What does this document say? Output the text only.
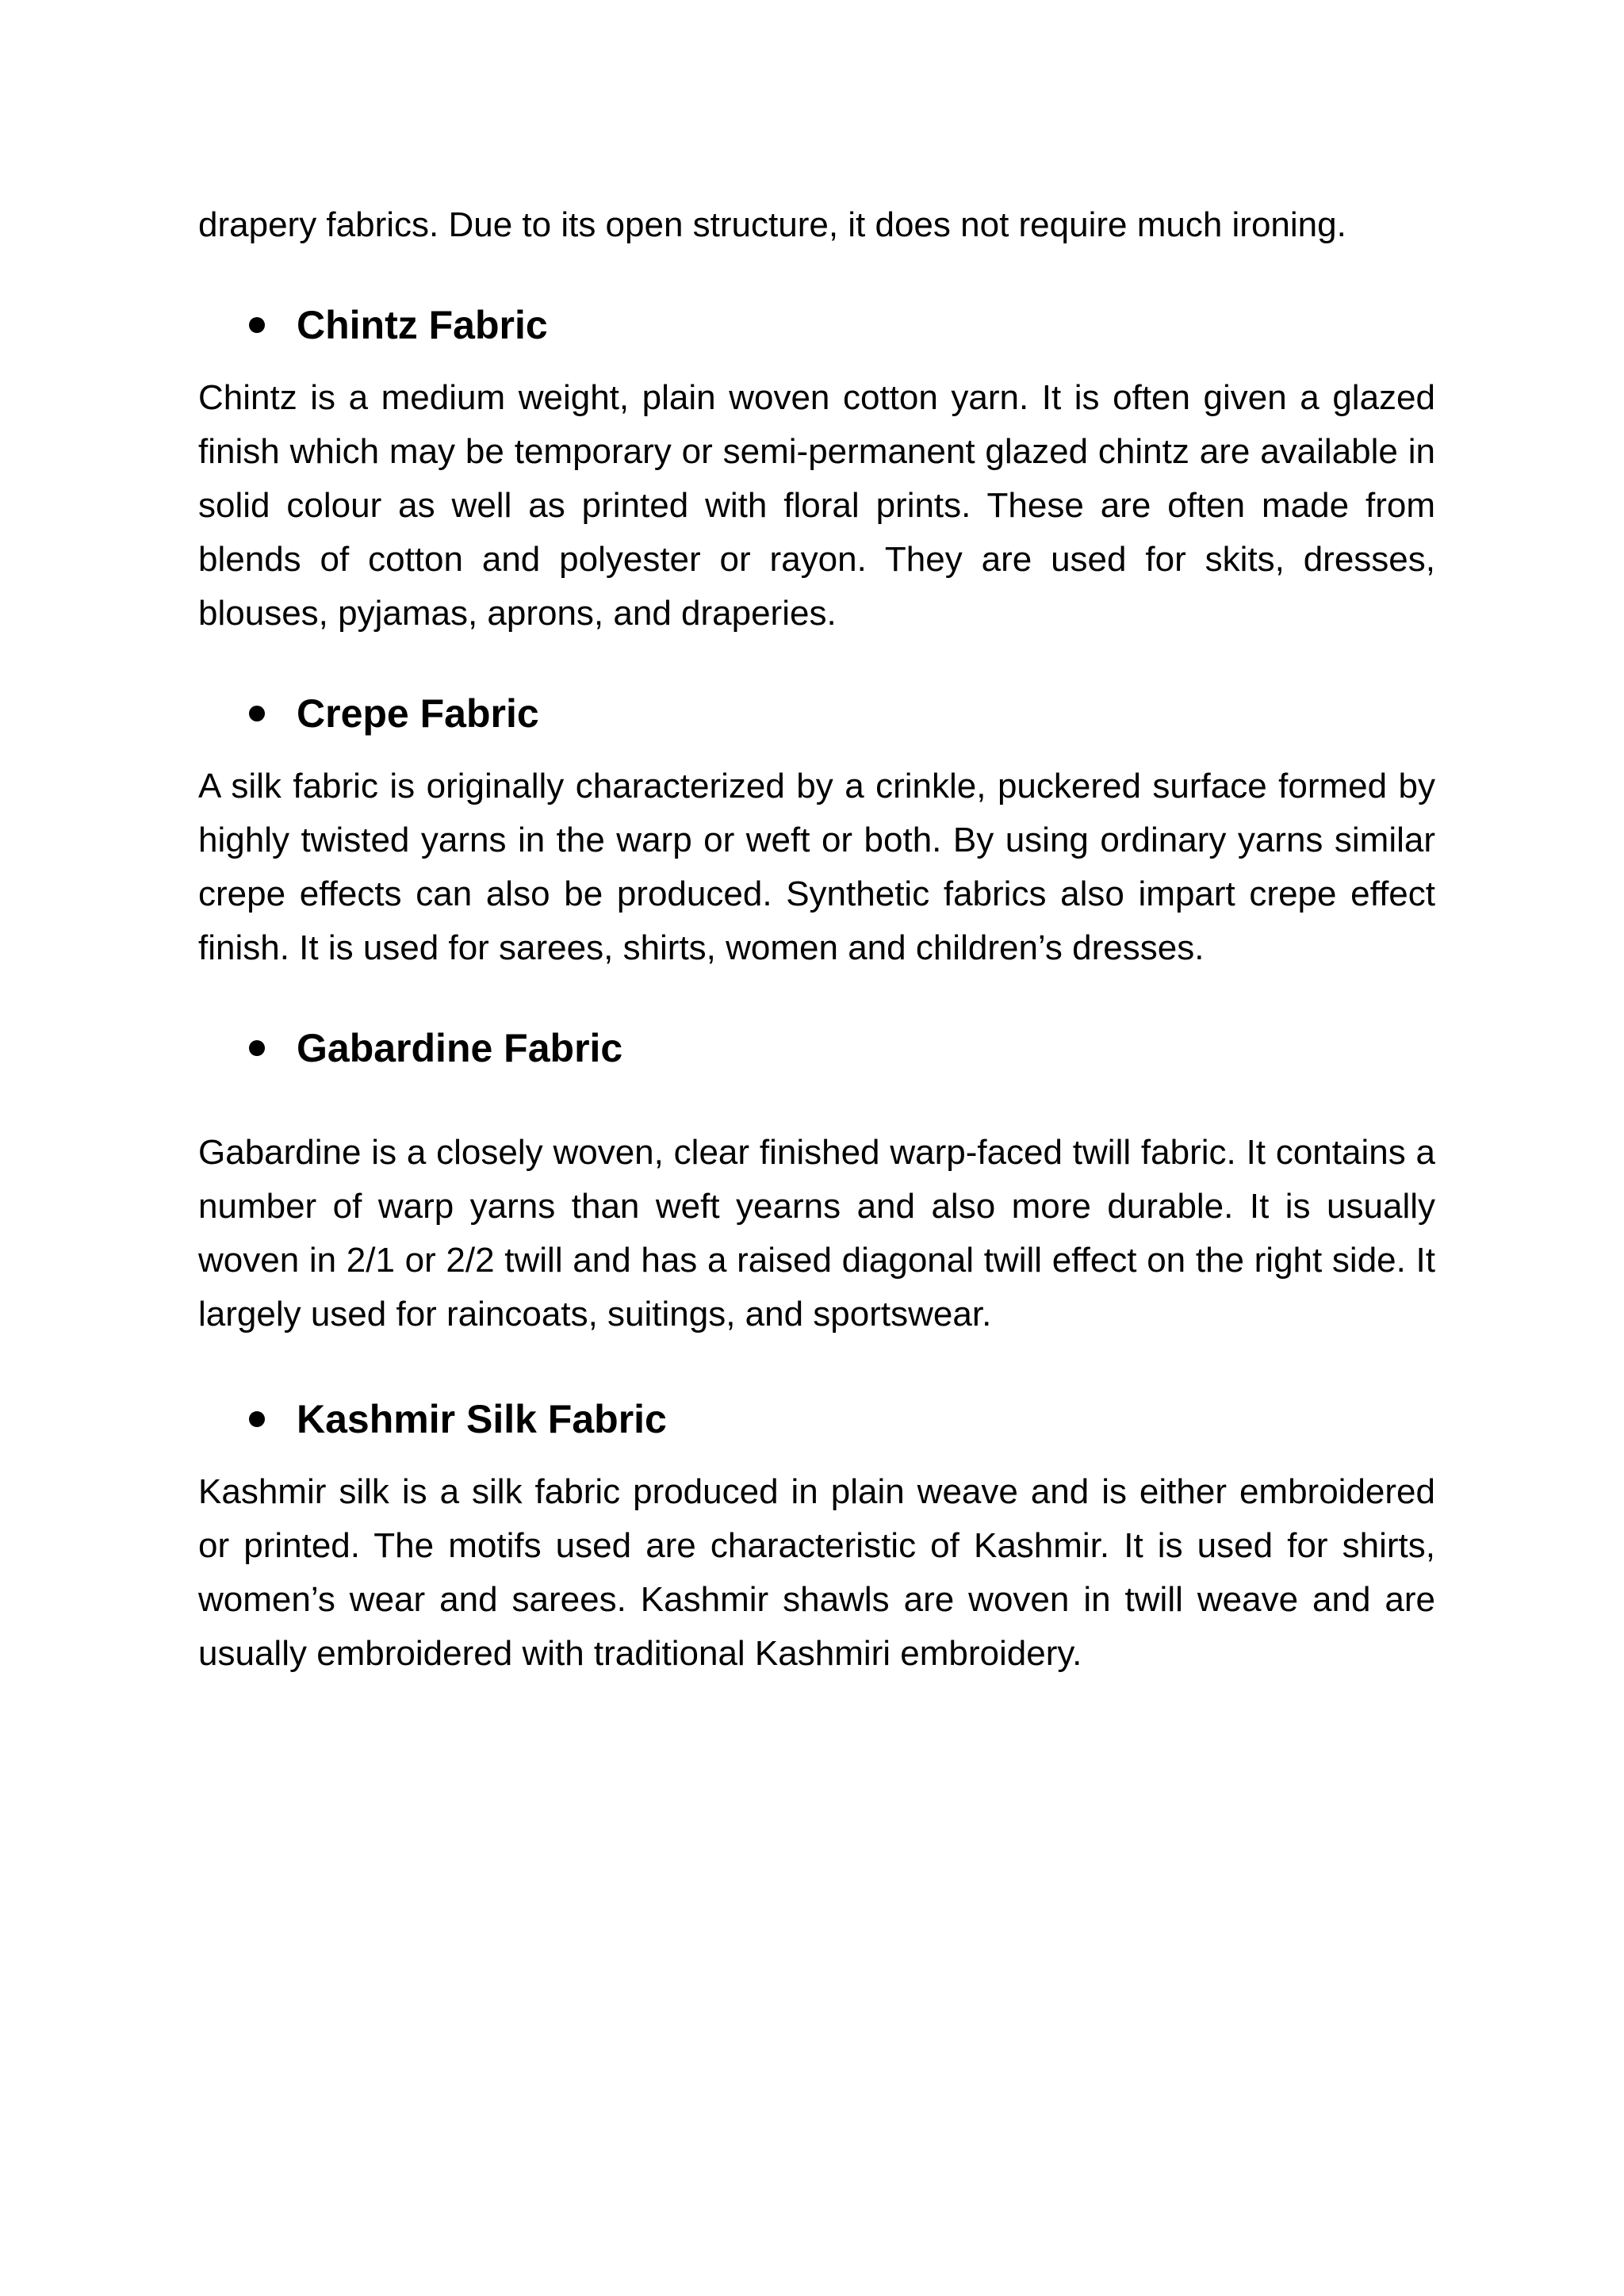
drapery fabrics. Due to its open structure, it does not require much ironing.

Chintz Fabric

Chintz is a medium weight, plain woven cotton yarn. It is often given a glazed finish which may be temporary or semi-permanent glazed chintz are available in solid colour as well as printed with floral prints. These are often made from blends of cotton and polyester or rayon. They are used for skits, dresses, blouses, pyjamas, aprons, and draperies.

Crepe Fabric

A silk fabric is originally characterized by a crinkle, puckered surface formed by highly twisted yarns in the warp or weft or both. By using ordinary yarns similar crepe effects can also be produced. Synthetic fabrics also impart crepe effect finish. It is used for sarees, shirts, women and children’s dresses.

Gabardine Fabric

Gabardine is a closely woven, clear finished warp-faced twill fabric. It contains a number of warp yarns than weft yearns and also more durable. It is usually woven in 2/1 or 2/2 twill and has a raised diagonal twill effect on the right side. It largely used for raincoats, suitings, and sportswear.

Kashmir Silk Fabric

Kashmir silk is a silk fabric produced in plain weave and is either embroidered or printed. The motifs used are characteristic of Kashmir. It is used for shirts, women’s wear and sarees. Kashmir shawls are woven in twill weave and are usually embroidered with traditional Kashmiri embroidery.
